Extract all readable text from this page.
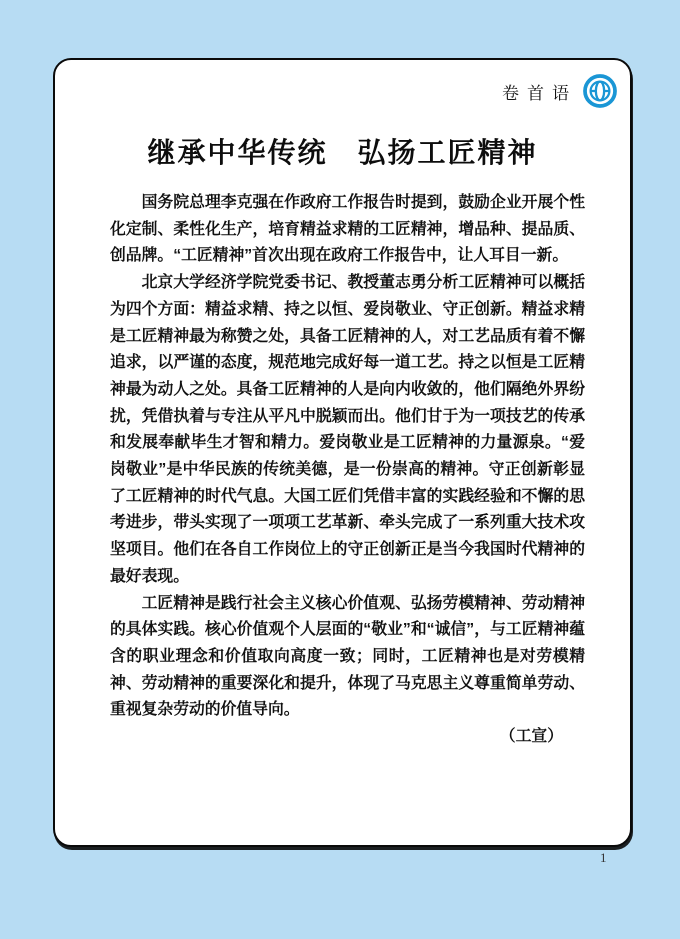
卷首语
继承中华传统　弘扬工匠精神

国务院总理李克强在作政府工作报告时提到，鼓励企业开展个性化定制、柔性化生产，培育精益求精的工匠精神，增品种、提品质、创品牌。“工匠精神”首次出现在政府工作报告中，让人耳目一新。

北京大学经济学院党委书记、教授董志勇分析工匠精神可以概括为四个方面：精益求精、持之以恒、爱岗敬业、守正创新。精益求精是工匠精神最为称赞之处，具备工匠精神的人，对工艺品质有着不懈追求，以严谨的态度，规范地完成好每一道工艺。持之以恒是工匠精神最为动人之处。具备工匠精神的人是向内收敛的，他们隔绝外界纷扰，凭借执着与专注从平凡中脱颖而出。他们甘于为一项技艺的传承和发展奉献毕生才智和精力。爱岗敬业是工匠精神的力量源泉。“爱岗敬业”是中华民族的传统美德，是一份崇高的精神。守正创新彰显了工匠精神的时代气息。大国工匠们凭借丰富的实践经验和不懈的思考进步，带头实现了一项项工艺革新、牵头完成了一系列重大技术攻坚项目。他们在各自工作岗位上的守正创新正是当今我国时代精神的最好表现。

工匠精神是践行社会主义核心价值观、弘扬劳模精神、劳动精神的具体实践。核心价值观个人层面的“敬业”和“诚信”，与工匠精神蕴含的职业理念和价值取向高度一致；同时，工匠精神也是对劳模精神、劳动精神的重要深化和提升，体现了马克思主义尊重简单劳动、重视复杂劳动的价值导向。

（工宣）

1
